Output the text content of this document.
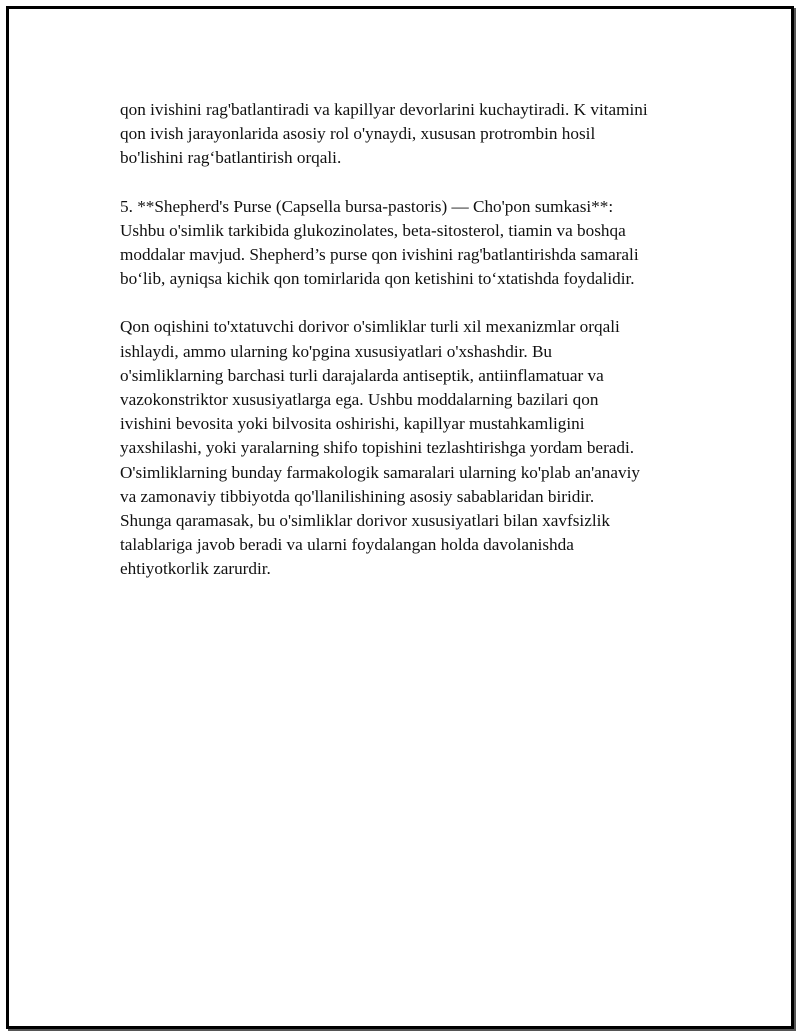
qon ivishini rag'batlantiradi va kapillyar devorlarini kuchaytiradi. K vitamini
qon ivish jarayonlarida asosiy rol o'ynaydi, xususan protrombin hosil
bo'lishini rag‘batlantirish orqali.

5. **Shepherd's Purse (Capsella bursa-pastoris) — Cho'pon sumkasi**:
Ushbu o'simlik tarkibida glukozinolates, beta-sitosterol, tiamin va boshqa
moddalar mavjud. Shepherd’s purse qon ivishini rag'batlantirishda samarali
bo‘lib, ayniqsa kichik qon tomirlarida qon ketishini to‘xtatishda foydalidir.

Qon oqishini to'xtatuvchi dorivor o'simliklar turli xil mexanizmlar orqali
ishlaydi, ammo ularning ko'pgina xususiyatlari o'xshashdir. Bu
o'simliklarning barchasi turli darajalarda antiseptik, antiinflamatuar va
vazokonstriktor xususiyatlarga ega. Ushbu moddalarning bazilari qon
ivishini bevosita yoki bilvosita oshirishi, kapillyar mustahkamligini
yaxshilashi, yoki yaralarning shifo topishini tezlashtirishga yordam beradi.
O'simliklarning bunday farmakologik samaralari ularning ko'plab an'anaviy
va zamonaviy tibbiyotda qo'llanilishining asosiy sabablaridan biridir.
Shunga qaramasak, bu o'simliklar dorivor xususiyatlari bilan xavfsizlik
talablariga javob beradi va ularni foydalangan holda davolanishda
ehtiyotkorlik zarurdir.
